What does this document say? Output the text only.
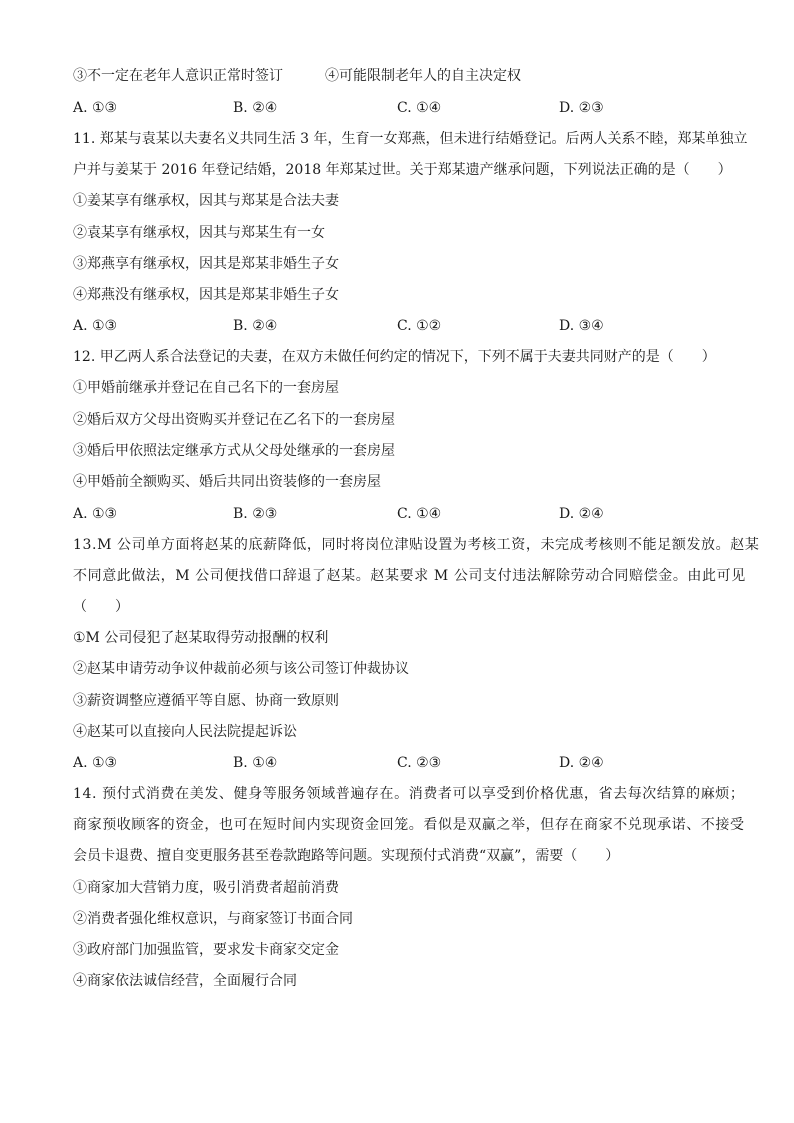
③不一定在老年人意识正常时签订	④可能限制老年人的自主决定权
A. ①③	B. ②④	C. ①④	D. ②③
11. 郑某与袁某以夫妻名义共同生活 3 年，生育一女郑燕，但未进行结婚登记。后两人关系不睦，郑某单独立
户并与姜某于 2016 年登记结婚，2018 年郑某过世。关于郑某遗产继承问题，下列说法正确的是（　　）
①姜某享有继承权，因其与郑某是合法夫妻
②袁某享有继承权，因其与郑某生有一女
③郑燕享有继承权，因其是郑某非婚生子女
④郑燕没有继承权，因其是郑某非婚生子女
A. ①③	B. ②④	C. ①②	D. ③④
12. 甲乙两人系合法登记的夫妻，在双方未做任何约定的情况下，下列不属于夫妻共同财产的是（　　）
①甲婚前继承并登记在自己名下的一套房屋
②婚后双方父母出资购买并登记在乙名下的一套房屋
③婚后甲依照法定继承方式从父母处继承的一套房屋
④甲婚前全额购买、婚后共同出资装修的一套房屋
A. ①③	B. ②③	C. ①④	D. ②④
13.M 公司单方面将赵某的底薪降低，同时将岗位津贴设置为考核工资，未完成考核则不能足额发放。赵某
不同意此做法，M 公司便找借口辞退了赵某。赵某要求 M 公司支付违法解除劳动合同赔偿金。由此可见
（　　）
①M 公司侵犯了赵某取得劳动报酬的权利
②赵某申请劳动争议仲裁前必须与该公司签订仲裁协议
③薪资调整应遵循平等自愿、协商一致原则
④赵某可以直接向人民法院提起诉讼
A. ①③	B. ①④	C. ②③	D. ②④
14. 预付式消费在美发、健身等服务领域普遍存在。消费者可以享受到价格优惠，省去每次结算的麻烦；
商家预收顾客的资金，也可在短时间内实现资金回笼。看似是双赢之举，但存在商家不兑现承诺、不接受
会员卡退费、擅自变更服务甚至卷款跑路等问题。实现预付式消费“双赢”，需要（　　）
①商家加大营销力度，吸引消费者超前消费
②消费者强化维权意识，与商家签订书面合同
③政府部门加强监管，要求发卡商家交定金
④商家依法诚信经营，全面履行合同
